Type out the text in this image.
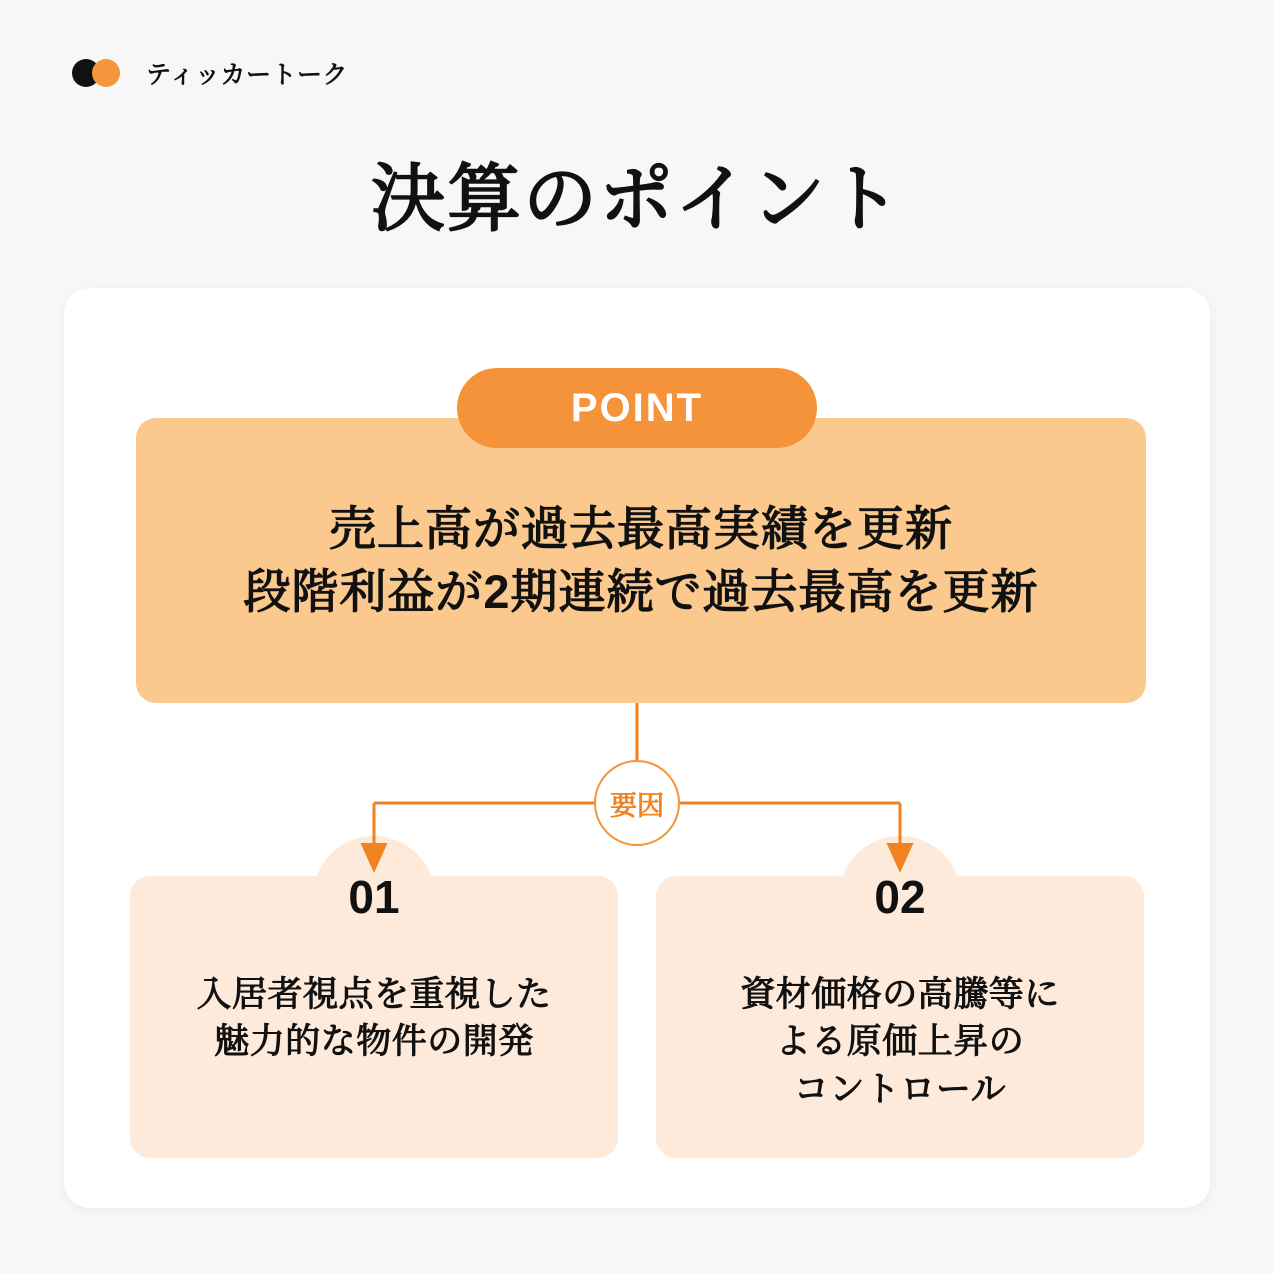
ティッカートーク
決算のポイント
売上高が過去最高実績を更新
段階利益が2期連続で過去最高を更新
POINT
要因
01
入居者視点を重視した
魅力的な物件の開発
02
資材価格の高騰等に
よる原価上昇の
コントロール
